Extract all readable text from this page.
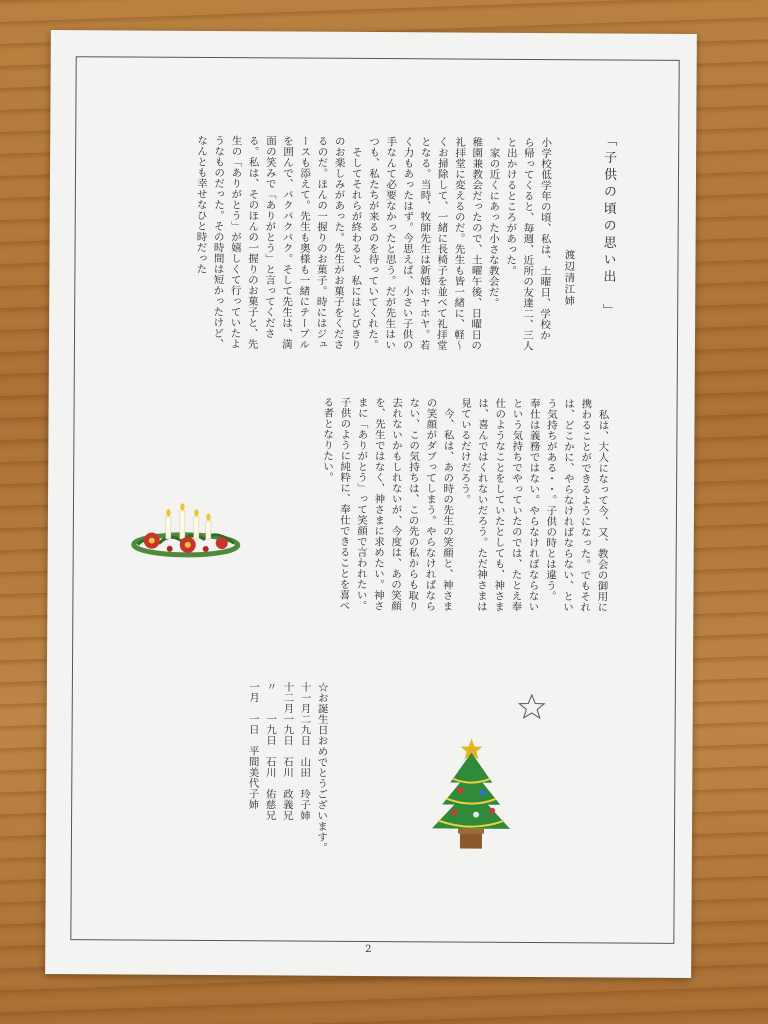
「子供の頃の思い出　」
渡辺清江姉
小学校低学年の頃、私は、土曜日、学校か
ら帰ってくると、毎週、近所の友達二、三人
と出かけるところがあった。
、家の近くにあった小さな教会だ。
稚園兼教会だったので、土曜午後、日曜日の
礼拝堂に変えるのだ。先生も皆一緒に、軽〜
くお掃除して、一緒に長椅子を並べて礼拝堂
となる。当時、牧師先生は新婚ホヤホヤ。若
く力もあったはず。今思えば、小さい子供の
手なんて必要なかったと思う。だが先生はい
つも、私たちが来るのを待っていてくれた。
　そしてそれらが終わると、私にはとびきり
のお楽しみがあった。先生がお菓子をくださ
るのだ。ほんの一握りのお菓子。時にはジュ
ースも添えて。先生も奥様も一緒にテーブル
を囲んで、パクパクパク。そして先生は、満
面の笑みで「ありがとう」と言ってくださ
る。私は、そのほんの一握りのお菓子と、先
生の「ありがとう」が嬉しくて行っていたよ
うなものだった。その時間は短かったけど、
なんとも幸せなひと時だった
　私は、大人になって今、又、教会の御用に
携わることができるようになった。でもそれ
は、どこかに、やらなければならない、とい
う気持ちがある・・。子供の時とは違う。
奉仕は義務ではない。やらなければならない
という気持ちでやっていたのでは、たとえ奉
仕のようなことをしていたとしても、神さま
は、喜んではくれないだろう。ただ神さまは
見ているだけだろう。
　今、私は、あの時の先生の笑顔と、神さま
の笑顔がダブってしまう。やらなければなら
ない、この気持ちは、この先の私からも取り
去れないかもしれないが、今度は、あの笑顔
を、先生ではなく、神さまに求めたい。神さ
まに「ありがとう」って笑顔で言われたい。
子供のように純粋に、奉仕できることを喜べ
る者となりたい。
☆お誕生日おめでとうございます。
十一月二九日　山田　玲子姉
十二月一九日　石川　政義兄
〃　　一九日　石川　佑慈兄
一月　一日　平間美代子姉
2
